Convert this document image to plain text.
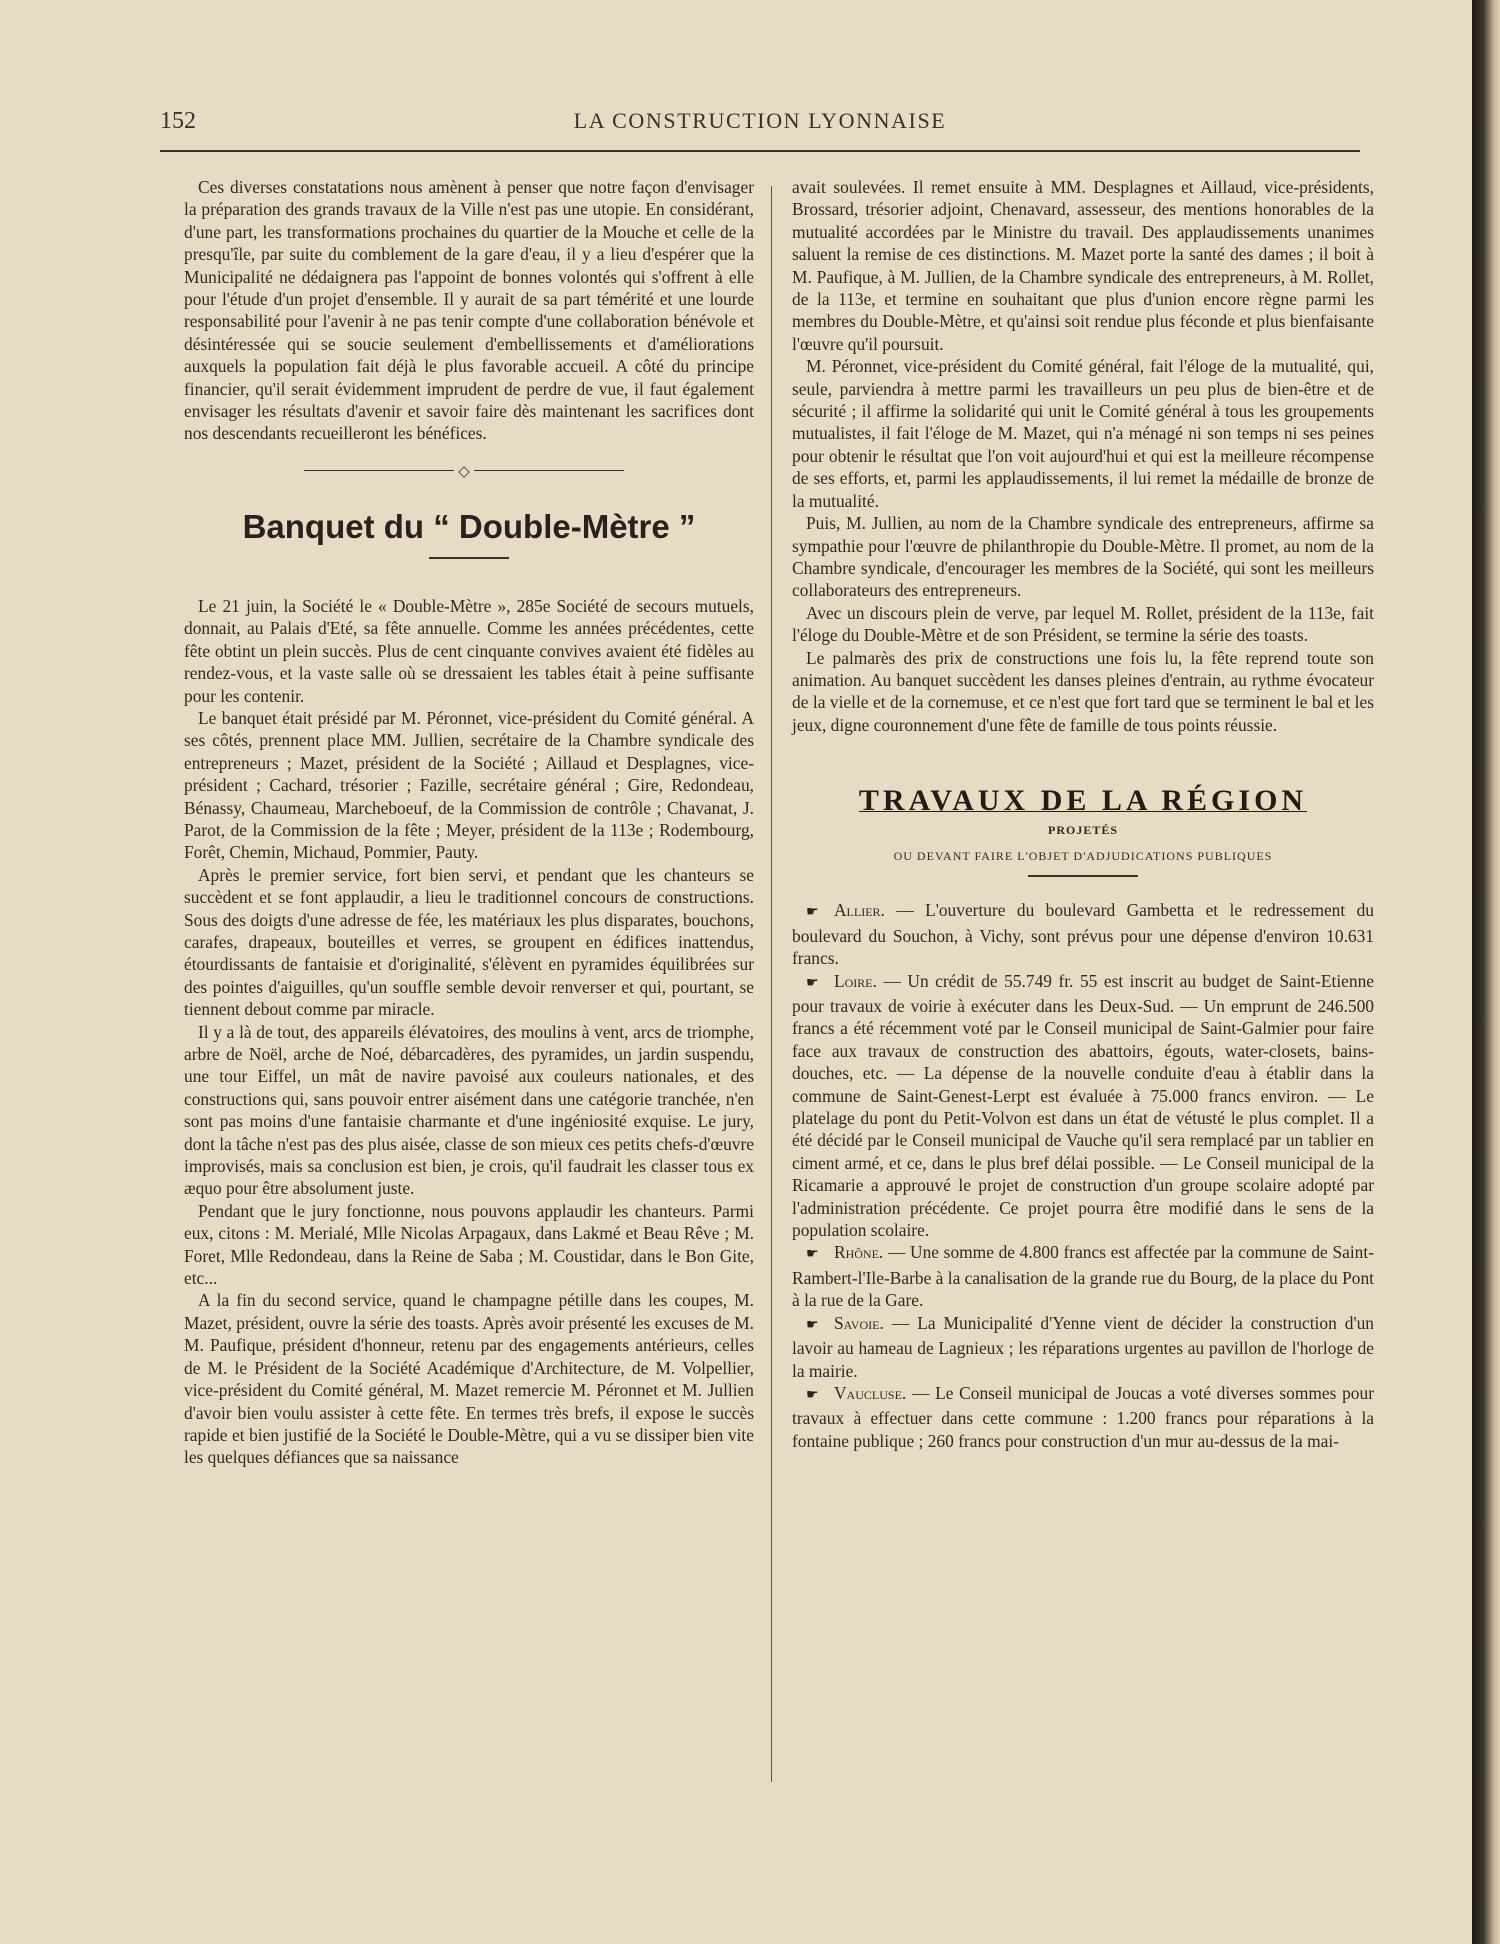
152	LA CONSTRUCTION LYONNAISE

Ces diverses constatations nous amènent à penser que notre façon d'envisager la préparation des grands travaux de la Ville n'est pas une utopie. En considérant, d'une part, les transformations prochaines du quartier de la Mouche et celle de la presqu'île, par suite du comblement de la gare d'eau, il y a lieu d'espérer que la Municipalité ne dédaignera pas l'appoint de bonnes volontés qui s'offrent à elle pour l'étude d'un projet d'ensemble. Il y aurait de sa part témérité et une lourde responsabilité pour l'avenir à ne pas tenir compte d'une collaboration bénévole et désintéressée qui se soucie seulement d'embellissements et d'améliorations auxquels la population fait déjà le plus favorable accueil. A côté du principe financier, qu'il serait évidemment imprudent de perdre de vue, il faut également envisager les résultats d'avenir et savoir faire dès maintenant les sacrifices dont nos descendants recueilleront les bénéfices.

◇
Banquet du “ Double-Mètre ”

Le 21 juin, la Société le « Double-Mètre », 285e Société de secours mutuels, donnait, au Palais d'Eté, sa fête annuelle. Comme les années précédentes, cette fête obtint un plein succès. Plus de cent cinquante convives avaient été fidèles au rendez-vous, et la vaste salle où se dressaient les tables était à peine suffisante pour les contenir.

Le banquet était présidé par M. Péronnet, vice-président du Comité général. A ses côtés, prennent place MM. Jullien, secrétaire de la Chambre syndicale des entrepreneurs ; Mazet, président de la Société ; Aillaud et Desplagnes, vice-président ; Cachard, trésorier ; Fazille, secrétaire général ; Gire, Redondeau, Bénassy, Chaumeau, Marcheboeuf, de la Commission de contrôle ; Chavanat, J. Parot, de la Commission de la fête ; Meyer, président de la 113e ; Rodembourg, Forêt, Chemin, Michaud, Pommier, Pauty.

Après le premier service, fort bien servi, et pendant que les chanteurs se succèdent et se font applaudir, a lieu le traditionnel concours de constructions. Sous des doigts d'une adresse de fée, les matériaux les plus disparates, bouchons, carafes, drapeaux, bouteilles et verres, se groupent en édifices inattendus, étourdissants de fantaisie et d'originalité, s'élèvent en pyramides équilibrées sur des pointes d'aiguilles, qu'un souffle semble devoir renverser et qui, pourtant, se tiennent debout comme par miracle.

Il y a là de tout, des appareils élévatoires, des moulins à vent, arcs de triomphe, arbre de Noël, arche de Noé, débarcadères, des pyramides, un jardin suspendu, une tour Eiffel, un mât de navire pavoisé aux couleurs nationales, et des constructions qui, sans pouvoir entrer aisément dans une catégorie tranchée, n'en sont pas moins d'une fantaisie charmante et d'une ingéniosité exquise. Le jury, dont la tâche n'est pas des plus aisée, classe de son mieux ces petits chefs-d'œuvre improvisés, mais sa conclusion est bien, je crois, qu'il faudrait les classer tous ex æquo pour être absolument juste.

Pendant que le jury fonctionne, nous pouvons applaudir les chanteurs. Parmi eux, citons : M. Merialé, Mlle Nicolas Arpagaux, dans Lakmé et Beau Rêve ; M. Foret, Mlle Redondeau, dans la Reine de Saba ; M. Coustidar, dans le Bon Gite, etc...

A la fin du second service, quand le champagne pétille dans les coupes, M. Mazet, président, ouvre la série des toasts. Après avoir présenté les excuses de M. M. Paufique, président d'honneur, retenu par des engagements antérieurs, celles de M. le Président de la Société Académique d'Architecture, de M. Volpellier, vice-président du Comité général, M. Mazet remercie M. Péronnet et M. Jullien d'avoir bien voulu assister à cette fête. En termes très brefs, il expose le succès rapide et bien justifié de la Société le Double-Mètre, qui a vu se dissiper bien vite les quelques défiances que sa naissance

avait soulevées. Il remet ensuite à MM. Desplagnes et Aillaud, vice-présidents, Brossard, trésorier adjoint, Chenavard, assesseur, des mentions honorables de la mutualité accordées par le Ministre du travail. Des applaudissements unanimes saluent la remise de ces distinctions. M. Mazet porte la santé des dames ; il boit à M. Paufique, à M. Jullien, de la Chambre syndicale des entrepreneurs, à M. Rollet, de la 113e, et termine en souhaitant que plus d'union encore règne parmi les membres du Double-Mètre, et qu'ainsi soit rendue plus féconde et plus bienfaisante l'œuvre qu'il poursuit.

M. Péronnet, vice-président du Comité général, fait l'éloge de la mutualité, qui, seule, parviendra à mettre parmi les travailleurs un peu plus de bien-être et de sécurité ; il affirme la solidarité qui unit le Comité général à tous les groupements mutualistes, il fait l'éloge de M. Mazet, qui n'a ménagé ni son temps ni ses peines pour obtenir le résultat que l'on voit aujourd'hui et qui est la meilleure récompense de ses efforts, et, parmi les applaudissements, il lui remet la médaille de bronze de la mutualité.

Puis, M. Jullien, au nom de la Chambre syndicale des entrepreneurs, affirme sa sympathie pour l'œuvre de philanthropie du Double-Mètre. Il promet, au nom de la Chambre syndicale, d'encourager les membres de la Société, qui sont les meilleurs collaborateurs des entrepreneurs.

Avec un discours plein de verve, par lequel M. Rollet, président de la 113e, fait l'éloge du Double-Mètre et de son Président, se termine la série des toasts.

Le palmarès des prix de constructions une fois lu, la fête reprend toute son animation. Au banquet succèdent les danses pleines d'entrain, au rythme évocateur de la vielle et de la cornemuse, et ce n'est que fort tard que se terminent le bal et les jeux, digne couronnement d'une fête de famille de tous points réussie.

TRAVAUX DE LA RÉGION
PROJETÉS
OU DEVANT FAIRE L'OBJET D'ADJUDICATIONS PUBLIQUES

☛ Allier. — L'ouverture du boulevard Gambetta et le redressement du boulevard du Souchon, à Vichy, sont prévus pour une dépense d'environ 10.631 francs.

☛ Loire. — Un crédit de 55.749 fr. 55 est inscrit au budget de Saint-Etienne pour travaux de voirie à exécuter dans les Deux-Sud. — Un emprunt de 246.500 francs a été récemment voté par le Conseil municipal de Saint-Galmier pour faire face aux travaux de construction des abattoirs, égouts, water-closets, bains-douches, etc. — La dépense de la nouvelle conduite d'eau à établir dans la commune de Saint-Genest-Lerpt est évaluée à 75.000 francs environ. — Le platelage du pont du Petit-Volvon est dans un état de vétusté le plus complet. Il a été décidé par le Conseil municipal de Vauche qu'il sera remplacé par un tablier en ciment armé, et ce, dans le plus bref délai possible. — Le Conseil municipal de la Ricamarie a approuvé le projet de construction d'un groupe scolaire adopté par l'administration précédente. Ce projet pourra être modifié dans le sens de la population scolaire.

☛ Rhône. — Une somme de 4.800 francs est affectée par la commune de Saint-Rambert-l'Ile-Barbe à la canalisation de la grande rue du Bourg, de la place du Pont à la rue de la Gare.

☛ Savoie. — La Municipalité d'Yenne vient de décider la construction d'un lavoir au hameau de Lagnieux ; les réparations urgentes au pavillon de l'horloge de la mairie.

☛ Vaucluse. — Le Conseil municipal de Joucas a voté diverses sommes pour travaux à effectuer dans cette commune : 1.200 francs pour réparations à la fontaine publique ; 260 francs pour construction d'un mur au-dessus de la mai-
